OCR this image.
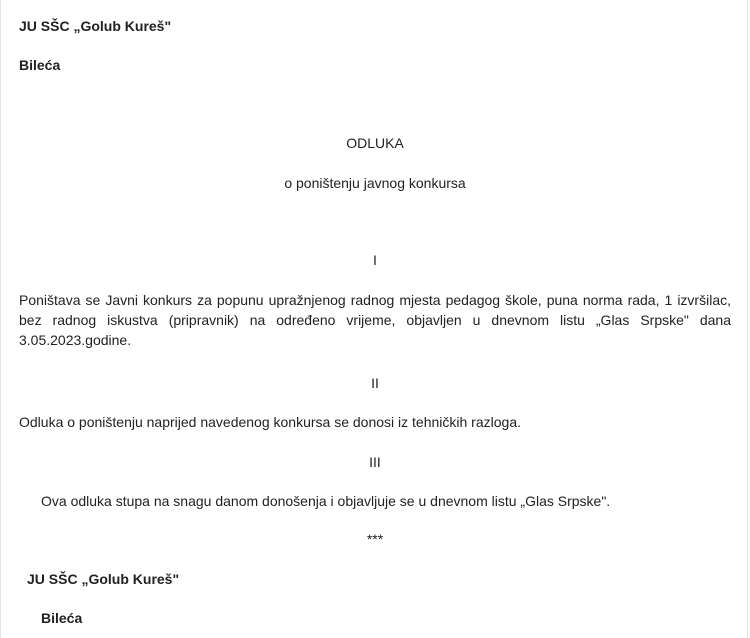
JU SŠC „Golub Kureš"
Bileća
ODLUKA
o poništenju javnog konkursa
I

Poništava se Javni konkurs za popunu upražnjenog radnog mjesta pedagog škole, puna norma rada, 1 izvršilac, bez radnog iskustva (pripravnik) na određeno vrijeme, objavljen u dnevnom listu „Glas Srpske" dana 3.05.2023.godine.

II

Odluka o poništenju naprijed navedenog konkursa se donosi iz tehničkih razloga.

III
Ova odluka stupa na snagu danom donošenja i objavljuje se u dnevnom listu „Glas Srpske".
***
JU SŠC „Golub Kureš"
Bileća
